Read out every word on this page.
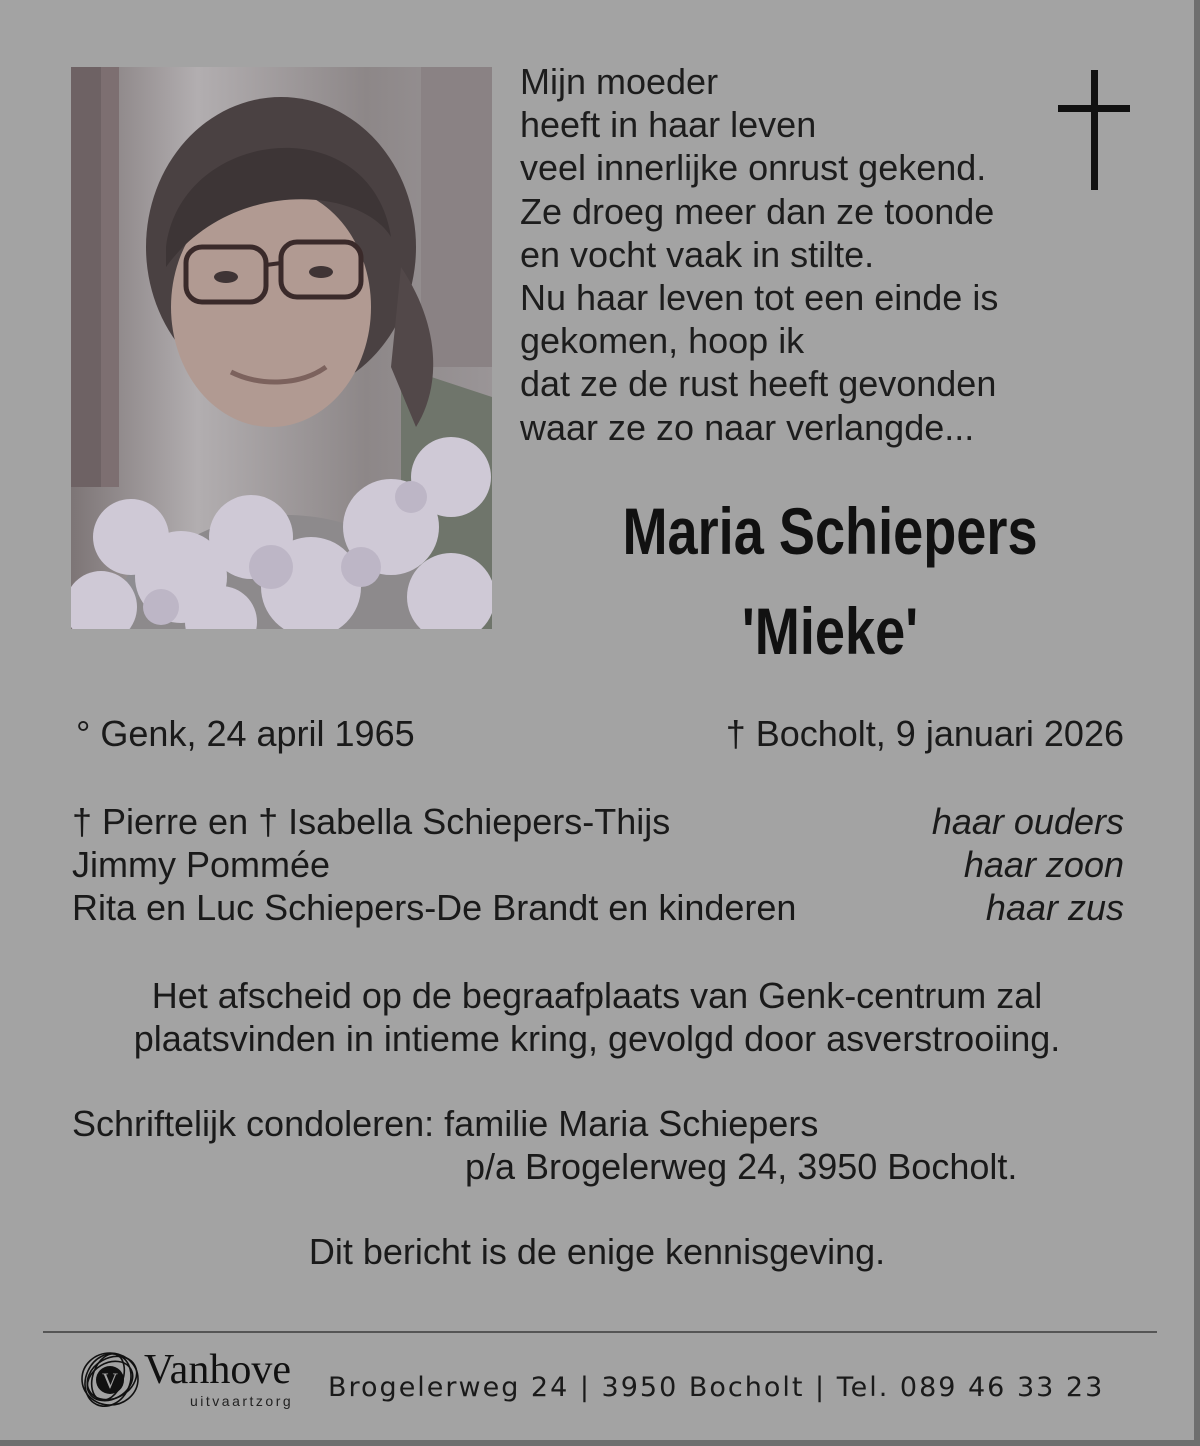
Mijn moeder
heeft in haar leven
veel innerlijke onrust gekend.
Ze droeg meer dan ze toonde
en vocht vaak in stilte.
Nu haar leven tot een einde is
gekomen, hoop ik
dat ze de rust heeft gevonden
waar ze zo naar verlangde...
Maria Schiepers
'Mieke'
° Genk, 24 april 1965	† Bocholt, 9 januari 2026
† Pierre en † Isabella Schiepers-Thijs	haar ouders
Jimmy Pommée	haar zoon
Rita en Luc Schiepers-De Brandt en kinderen	haar zus
Het afscheid op de begraafplaats van Genk-centrum zal
plaatsvinden in intieme kring, gevolgd door asverstrooiing.
Schriftelijk condoleren: familie Maria Schiepers
p/a Brogelerweg 24, 3950 Bocholt.
Dit bericht is de enige kennisgeving.
V Vanhove
uitvaartzorg Brogelerweg 24 | 3950 Bocholt | Tel. 089 46 33 23
